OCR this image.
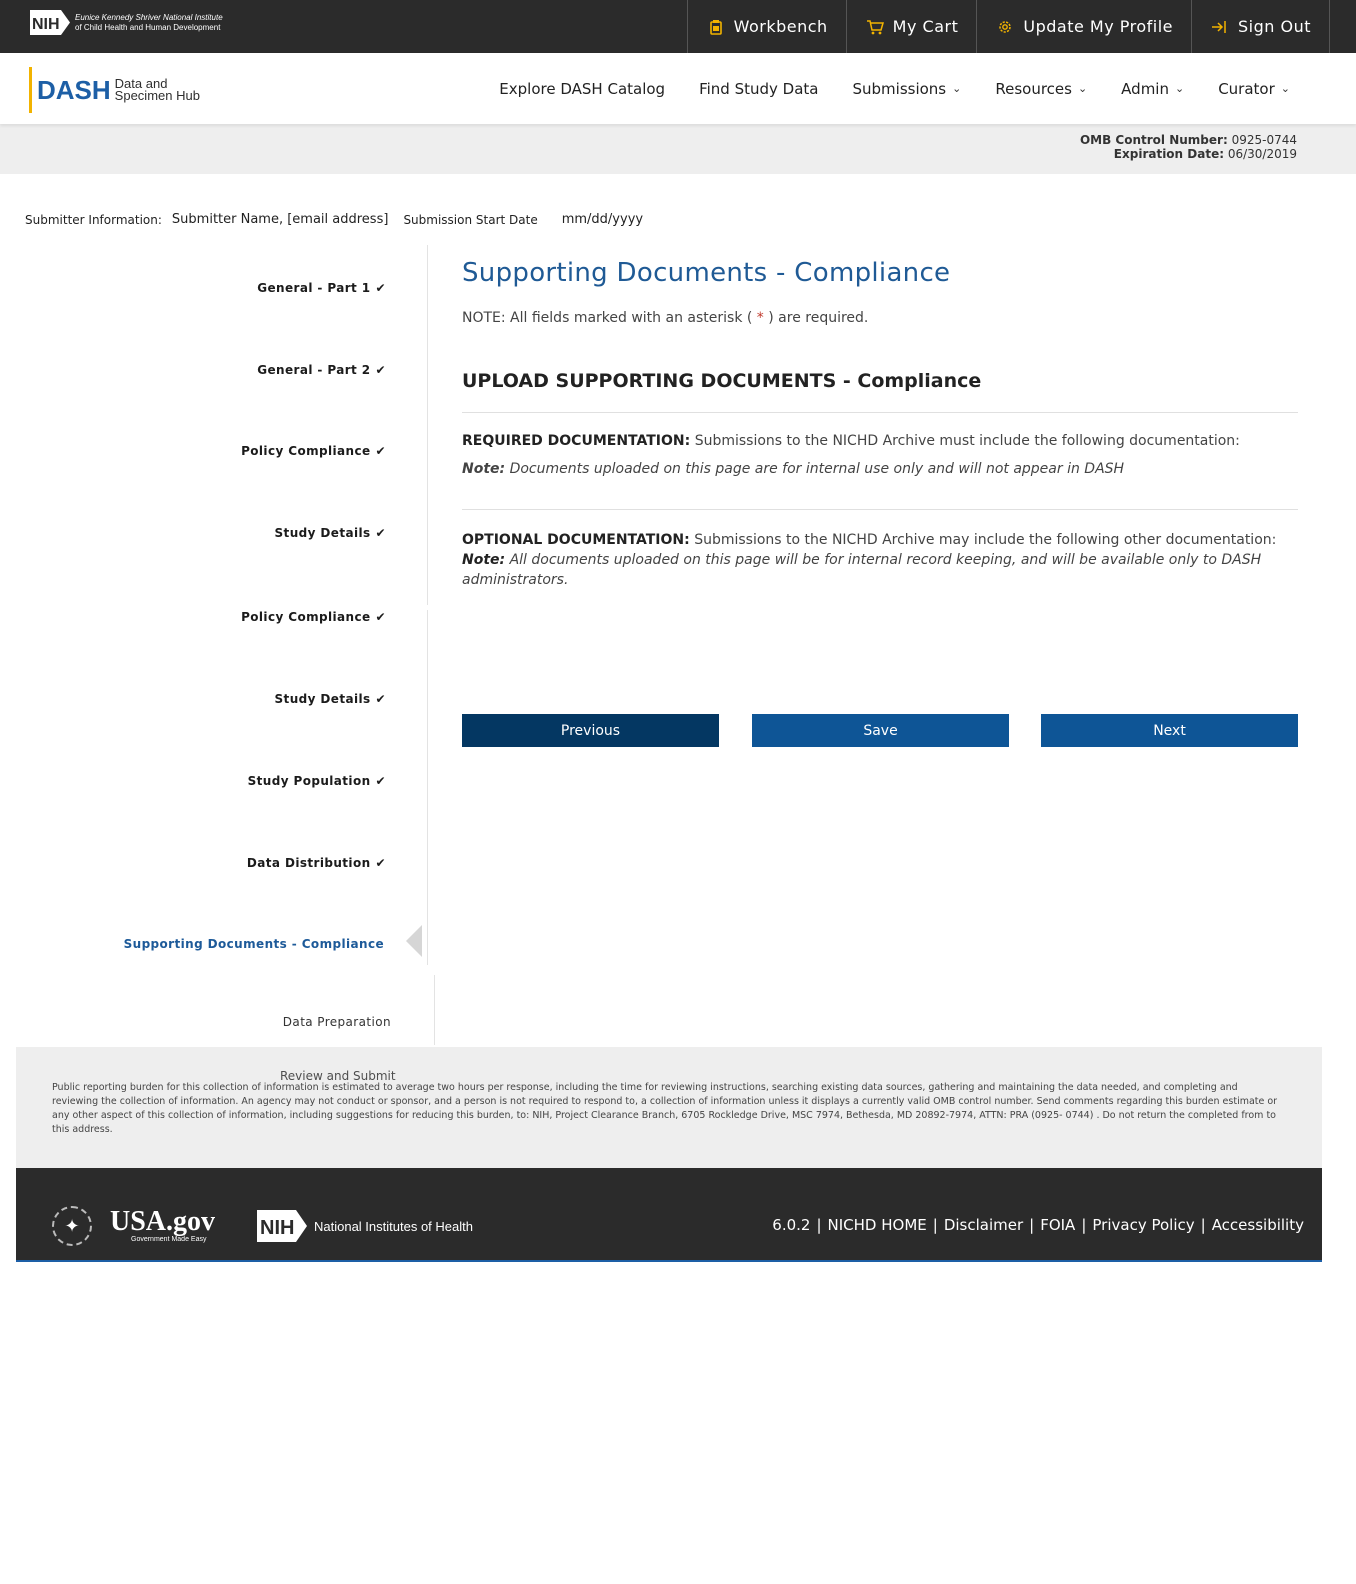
NIH Eunice Kennedy Shriver National Institute
of Child Health and Human Development	Workbench	My Cart	Update My Profile	Sign Out
DASH Data and
Specimen Hub	Explore DASH Catalog Find Study Data Submissions ⌄ Resources ⌄ Admin ⌄ Curator ⌄
OMB Control Number: 0925-0744
Expiration Date: 06/30/2019
Submitter Information: Submitter Name, [email address] Submission Start Date mm/dd/yyyy
General - Part 1 ✔
General - Part 2 ✔
Policy Compliance ✔
Study Details ✔
Policy Compliance ✔
Study Details ✔
Study Population ✔
Data Distribution ✔
Supporting Documents - Compliance
Data Preparation
Supporting Documents - Compliance
NOTE: All fields marked with an asterisk ( * ) are required.
UPLOAD SUPPORTING DOCUMENTS - Compliance
REQUIRED DOCUMENTATION: Submissions to the NICHD Archive must include the following documentation:
Note: Documents uploaded on this page are for internal use only and will not appear in DASH
OPTIONAL DOCUMENTATION: Submissions to the NICHD Archive may include the following other documentation:
Note: All documents uploaded on this page will be for internal record keeping, and will be available only to DASH administrators.
Previous	Save	Next

Public reporting burden for this collection of information is estimated to average two hours per response, including the time for reviewing instructions, searching existing data sources, gathering and maintaining the data needed, and completing and reviewing the collection of information. An agency may not conduct or sponsor, and a person is not required to respond to, a collection of information unless it displays a currently valid OMB control number. Send comments regarding this burden estimate or any other aspect of this collection of information, including suggestions for reducing this burden, to: NIH, Project Clearance Branch, 6705 Rockledge Drive, MSC 7974, Bethesda, MD 20892-7974, ATTN: PRA (0925- 0744) . Do not return the completed from to this address.

Review and Submit
✦	USA.gov
Government Made Easy
NIH National Institutes of Health	6.0.2 | NICHD HOME | Disclaimer | FOIA | Privacy Policy | Accessibility
